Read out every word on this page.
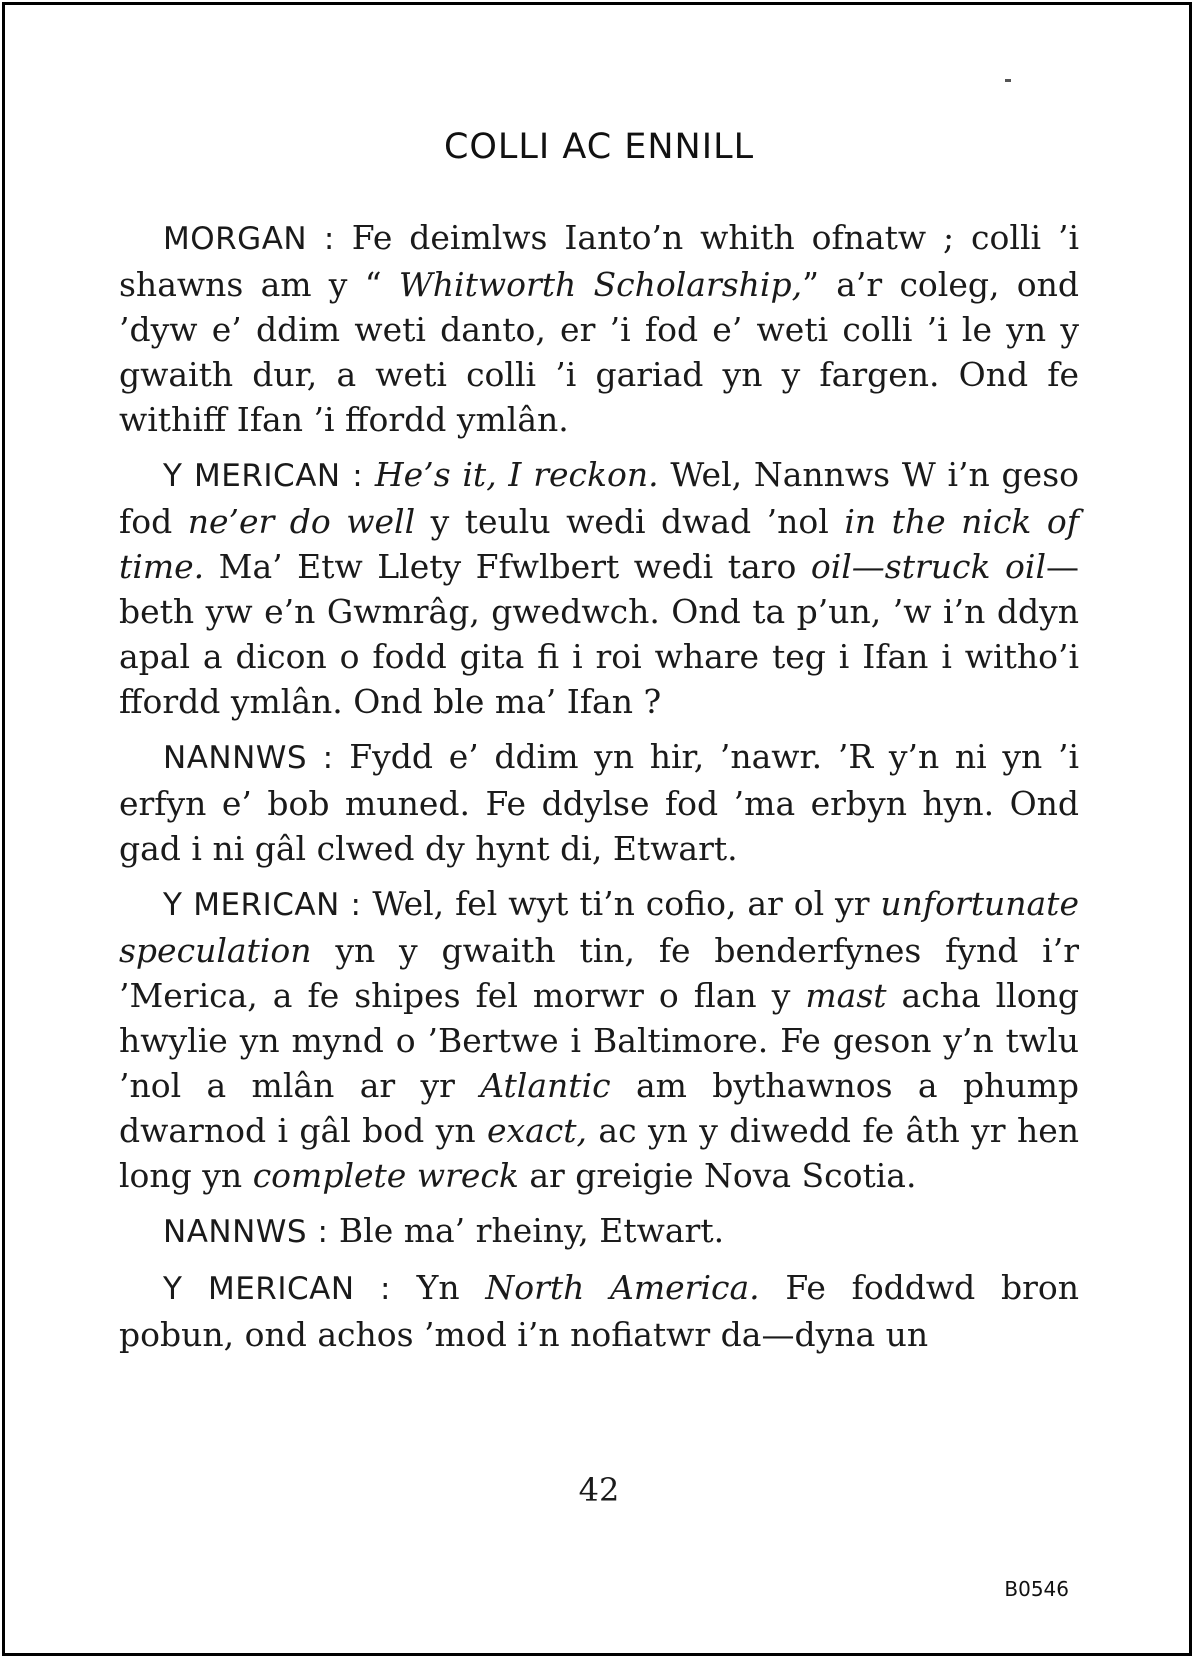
COLLI AC ENNILL

MORGAN : Fe deimlws Ianto’n whith ofnatw ; colli ’i shawns am y “ Whitworth Scholarship,” a’r coleg, ond ’dyw e’ ddim weti danto, er ’i fod e’ weti colli ’i le yn y gwaith dur, a weti colli ’i gariad yn y fargen. Ond fe withiff Ifan ’i ffordd ymlân.

Y MERICAN : He’s it, I reckon. Wel, Nannws W i’n geso fod ne’er do well y teulu wedi dwad ’nol in the nick of time. Ma’ Etw Llety Ffwlbert wedi taro oil—struck oil—beth yw e’n Gwmrâg, gwedwch. Ond ta p’un, ’w i’n ddyn apal a dicon o fodd gita fi i roi whare teg i Ifan i witho’i ffordd ymlân. Ond ble ma’ Ifan ?

NANNWS : Fydd e’ ddim yn hir, ’nawr. ’R y’n ni yn ’i erfyn e’ bob muned. Fe ddylse fod ’ma erbyn hyn. Ond gad i ni gâl clwed dy hynt di, Etwart.

Y MERICAN : Wel, fel wyt ti’n cofio, ar ol yr unfortunate speculation yn y gwaith tin, fe benderfynes fynd i’r ’Merica, a fe shipes fel morwr o flan y mast acha llong hwylie yn mynd o ’Bertwe i Baltimore. Fe geson y’n twlu ’nol a mlân ar yr Atlantic am bythawnos a phump dwarnod i gâl bod yn exact, ac yn y diwedd fe âth yr hen long yn complete wreck ar greigie Nova Scotia.

NANNWS : Ble ma’ rheiny, Etwart.

Y MERICAN : Yn North America. Fe foddwd bron pobun, ond achos ’mod i’n nofiatwr da—dyna un

42
B0546
